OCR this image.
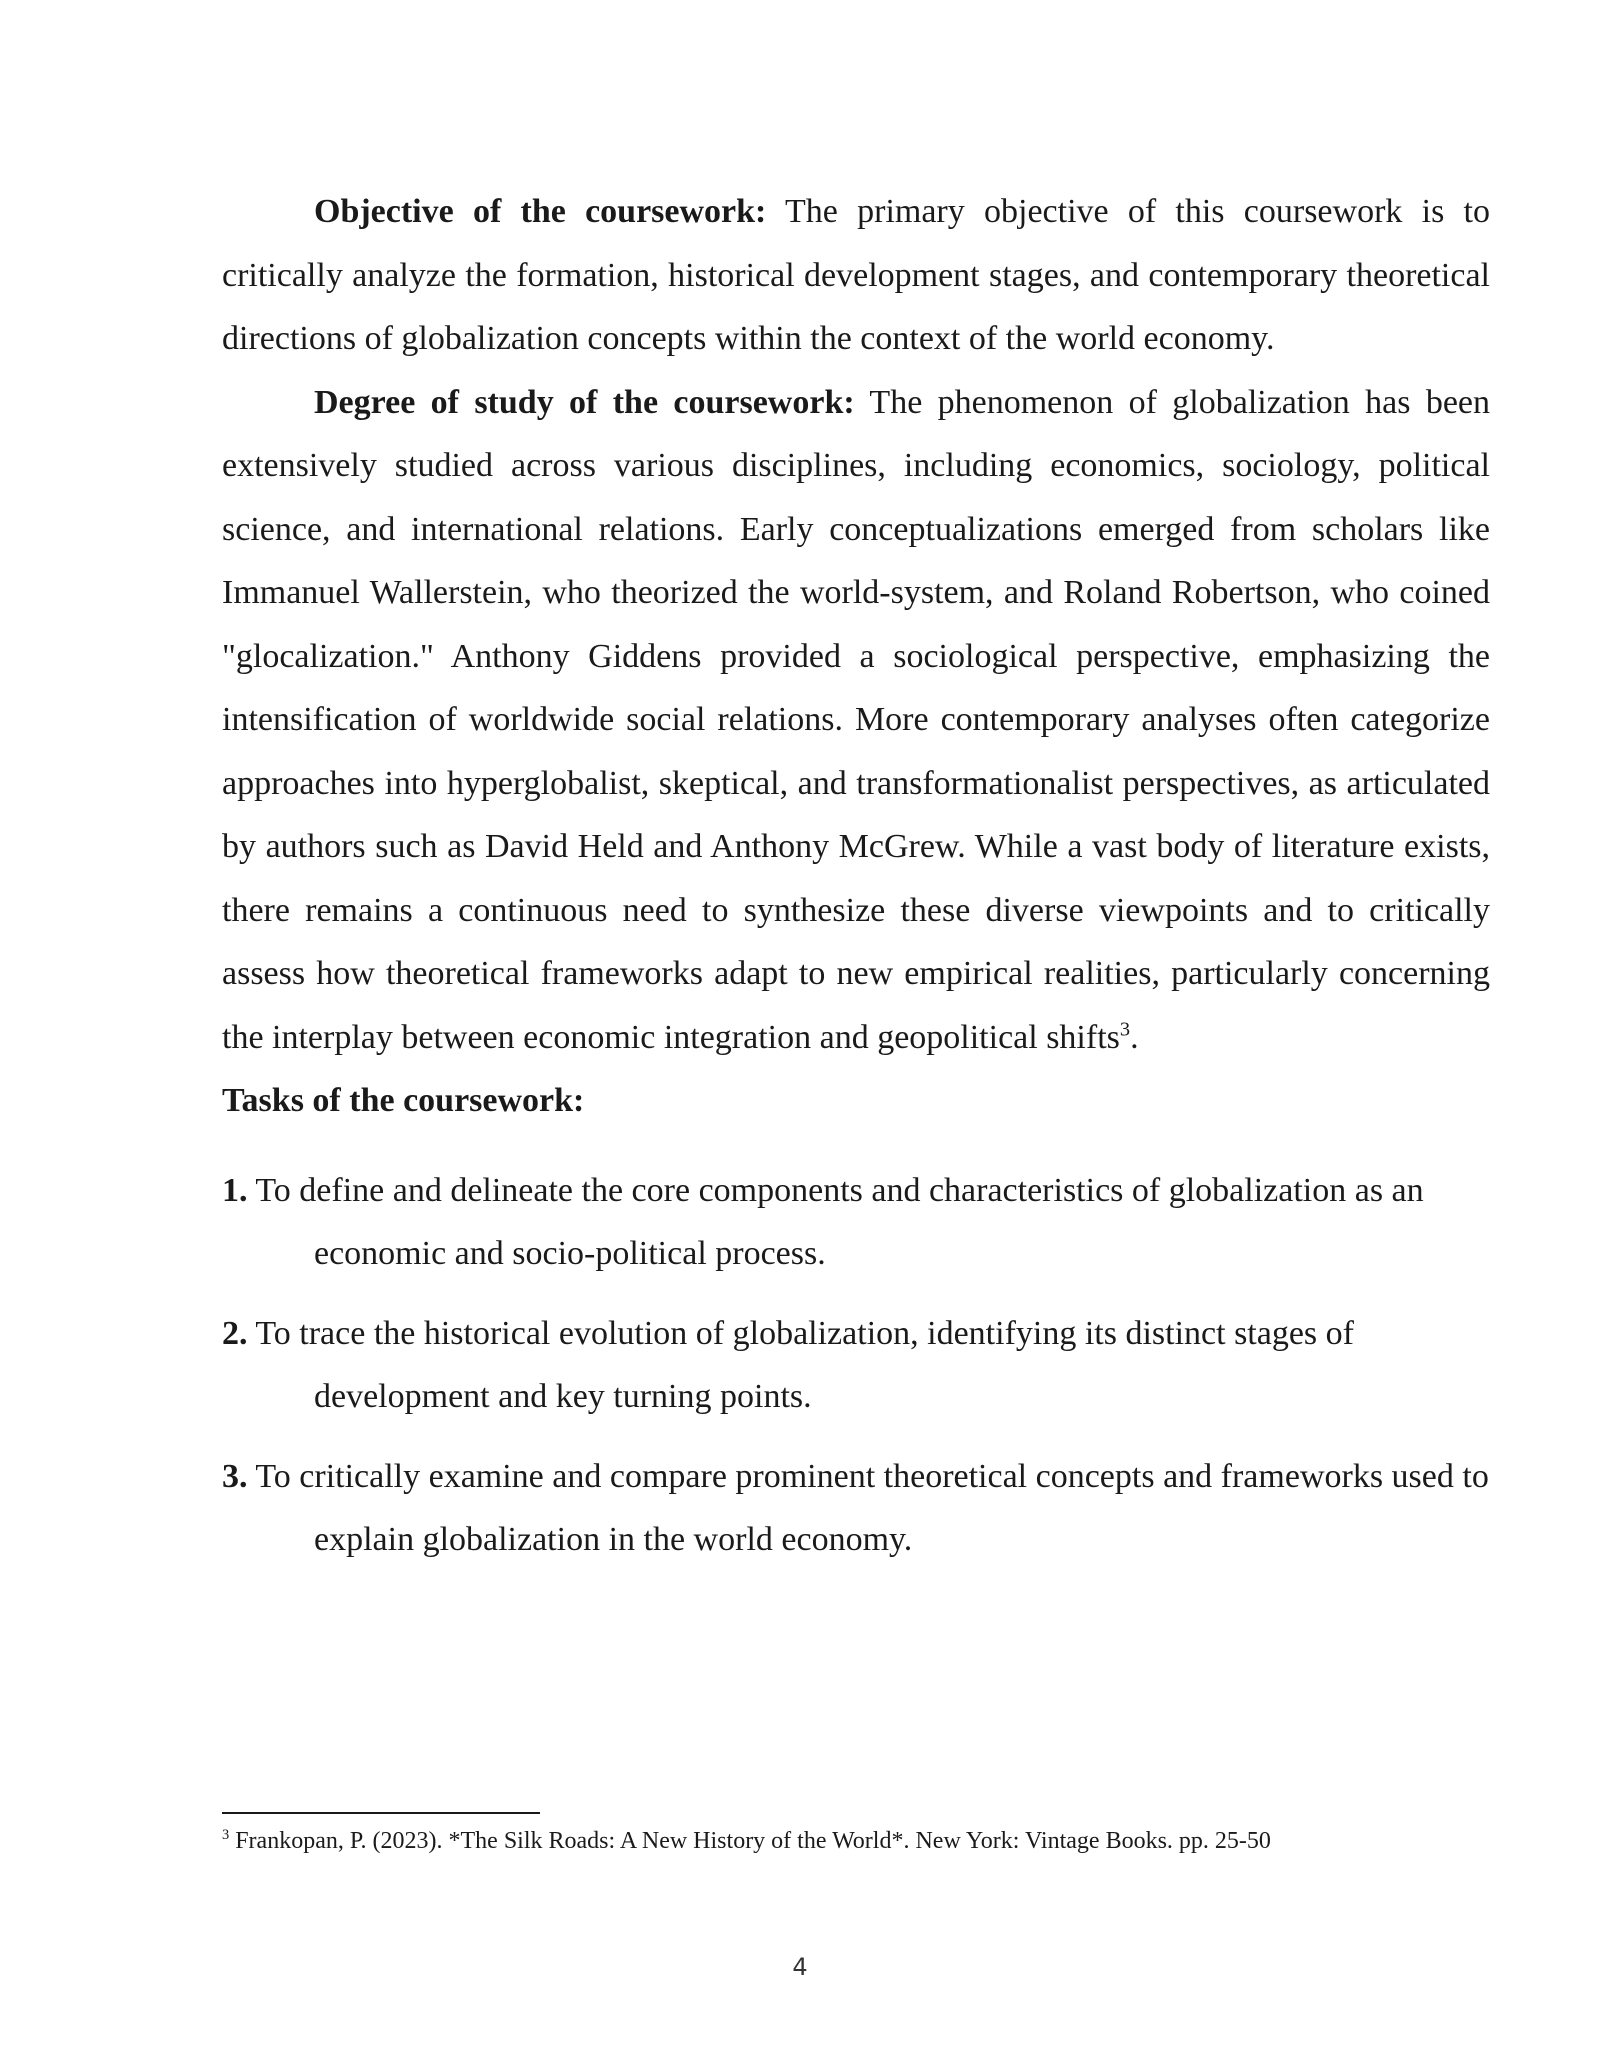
Objective of the coursework: The primary objective of this coursework is to critically analyze the formation, historical development stages, and contemporary theoretical directions of globalization concepts within the context of the world economy.

Degree of study of the coursework: The phenomenon of globalization has been extensively studied across various disciplines, including economics, sociology, political science, and international relations. Early conceptualizations emerged from scholars like Immanuel Wallerstein, who theorized the world-system, and Roland Robertson, who coined "glocalization." Anthony Giddens provided a sociological perspective, emphasizing the intensification of worldwide social relations. More contemporary analyses often categorize approaches into hyperglobalist, skeptical, and transformationalist perspectives, as articulated by authors such as David Held and Anthony McGrew. While a vast body of literature exists, there remains a continuous need to synthesize these diverse viewpoints and to critically assess how theoretical frameworks adapt to new empirical realities, particularly concerning the interplay between economic integration and geopolitical shifts$^3$.

Tasks of the coursework:

1. To define and delineate the core components and characteristics of globalization as an economic and socio-political process.
2. To trace the historical evolution of globalization, identifying its distinct stages of development and key turning points.
3. To critically examine and compare prominent theoretical concepts and frameworks used to explain globalization in the world economy.
$^3$ Frankopan, P. (2023). *The Silk Roads: A New History of the World*. New York: Vintage Books. pp. 25-50
4
